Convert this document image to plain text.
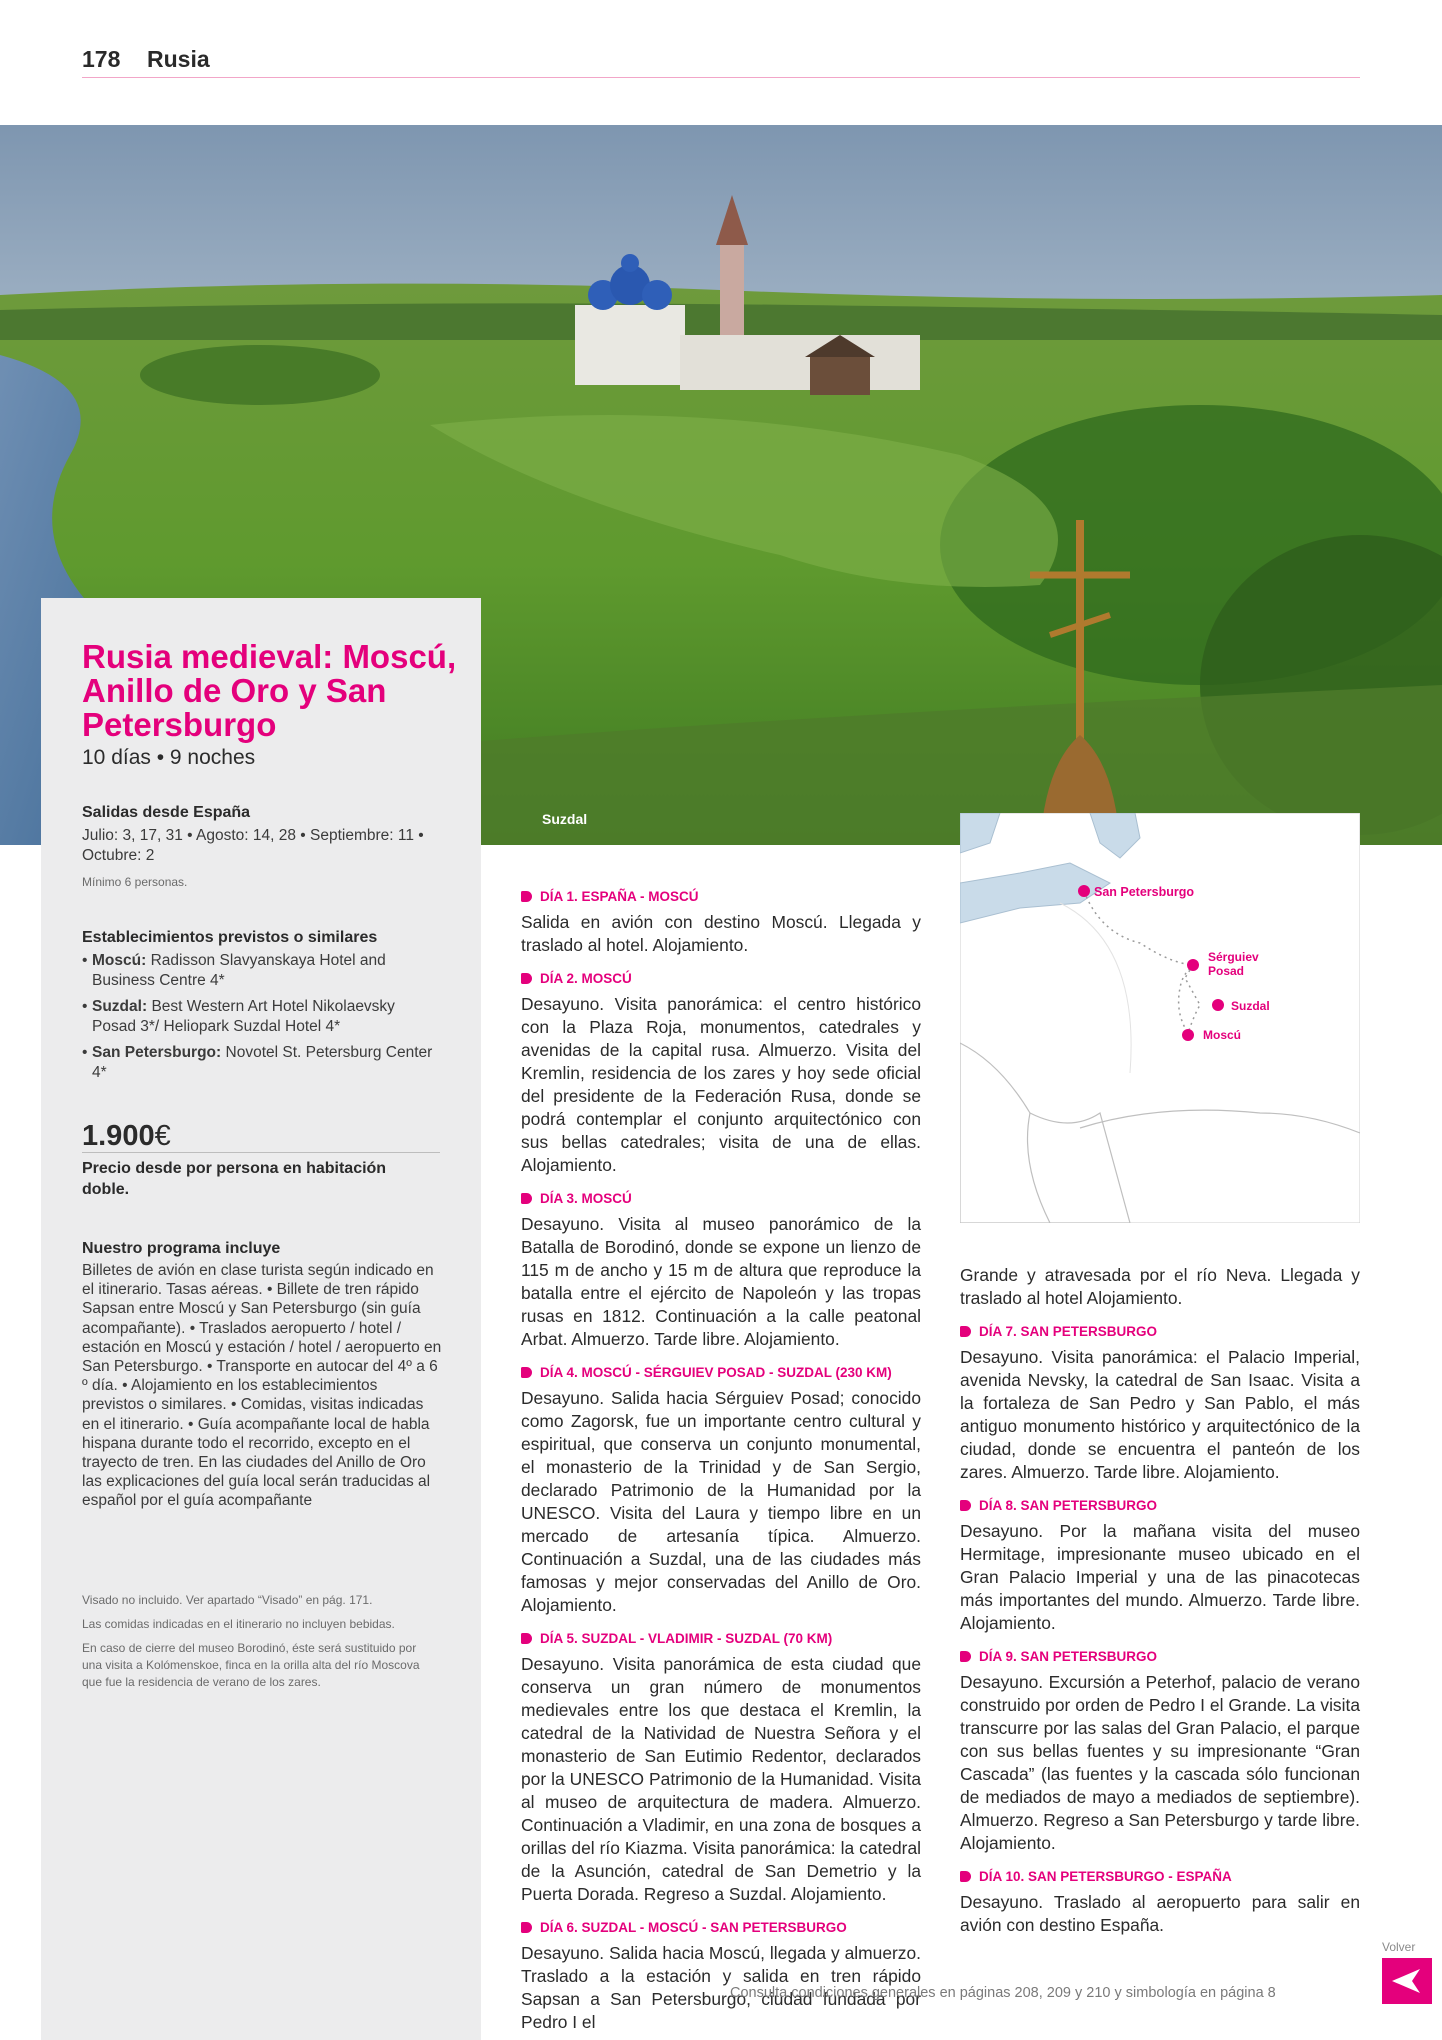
178 Rusia
Suzdal
Rusia medieval: Moscú, Anillo de Oro y San Petersburgo
10 días • 9 noches
Salidas desde España
Julio: 3, 17, 31 • Agosto: 14, 28 • Septiembre: 11 • Octubre: 2
Mínimo 6 personas.
Establecimientos previstos o similares
• Moscú: Radisson Slavyanskaya Hotel and Business Centre 4*
• Suzdal: Best Western Art Hotel Nikolaevsky Posad 3*/ Heliopark Suzdal Hotel 4*
• San Petersburgo: Novotel St. Petersburg Center 4*
1.900€
Precio desde por persona en habitación doble.
Nuestro programa incluye
Billetes de avión en clase turista según indicado en el itinerario. Tasas aéreas. • Billete de tren rápido Sapsan entre Moscú y San Petersburgo (sin guía acompañante). • Traslados aeropuerto / hotel / estación en Moscú y estación / hotel / aeropuerto en San Petersburgo. • Transporte en autocar del 4º a 6 º día. • Alojamiento en los establecimientos previstos o similares. • Comidas, visitas indicadas en el itinerario. • Guía acompañante local de habla hispana durante todo el recorrido, excepto en el trayecto de tren. En las ciudades del Anillo de Oro las explicaciones del guía local serán traducidas al español por el guía acompañante
Visado no incluido. Ver apartado “Visado” en pág. 171.
Las comidas indicadas en el itinerario no incluyen bebidas.
En caso de cierre del museo Borodinó, éste será sustituido por una visita a Kolómenskoe, finca en la orilla alta del río Moscova que fue la residencia de verano de los zares.
DÍA 1. ESPAÑA - MOSCÚ

Salida en avión con destino Moscú. Llegada y traslado al hotel. Alojamiento.

DÍA 2. MOSCÚ

Desayuno. Visita panorámica: el centro histórico con la Plaza Roja, monumentos, catedrales y avenidas de la capital rusa. Almuerzo. Visita del Kremlin, residencia de los zares y hoy sede oficial del presidente de la Federación Rusa, donde se podrá contemplar el conjunto arquitectónico con sus bellas catedrales; visita de una de ellas. Alojamiento.

DÍA 3. MOSCÚ

Desayuno. Visita al museo panorámico de la Batalla de Borodinó, donde se expone un lienzo de 115 m de ancho y 15 m de altura que reproduce la batalla entre el ejército de Napoleón y las tropas rusas en 1812. Continuación a la calle peatonal Arbat. Almuerzo. Tarde libre. Alojamiento.

DÍA 4. MOSCÚ - SÉRGUIEV POSAD - SUZDAL (230 KM)

Desayuno. Salida hacia Sérguiev Posad; conocido como Zagorsk, fue un importante centro cultural y espiritual, que conserva un conjunto monumental, el monasterio de la Trinidad y de San Sergio, declarado Patrimonio de la Humanidad por la UNESCO. Visita del Laura y tiempo libre en un mercado de artesanía típica. Almuerzo. Continuación a Suzdal, una de las ciudades más famosas y mejor conservadas del Anillo de Oro. Alojamiento.

DÍA 5. SUZDAL - VLADIMIR - SUZDAL (70 KM)

Desayuno. Visita panorámica de esta ciudad que conserva un gran número de monumentos medievales entre los que destaca el Kremlin, la catedral de la Natividad de Nuestra Señora y el monasterio de San Eutimio Redentor, declarados por la UNESCO Patrimonio de la Humanidad. Visita al museo de arquitectura de madera. Almuerzo. Continuación a Vladimir, en una zona de bosques a orillas del río Kiazma. Visita panorámica: la catedral de la Asunción, catedral de San Demetrio y la Puerta Dorada. Regreso a Suzdal. Alojamiento.

DÍA 6. SUZDAL - MOSCÚ - SAN PETERSBURGO

Desayuno. Salida hacia Moscú, llegada y almuerzo. Traslado a la estación y salida en tren rápido Sapsan a San Petersburgo, ciudad fundada por Pedro I el

San Petersburgo
Sérguiev
Posad
Suzdal
Moscú

Grande y atravesada por el río Neva. Llegada y traslado al hotel Alojamiento.

DÍA 7. SAN PETERSBURGO

Desayuno. Visita panorámica: el Palacio Imperial, avenida Nevsky, la catedral de San Isaac. Visita a la fortaleza de San Pedro y San Pablo, el más antiguo monumento histórico y arquitectónico de la ciudad, donde se encuentra el panteón de los zares. Almuerzo. Tarde libre. Alojamiento.

DÍA 8. SAN PETERSBURGO

Desayuno. Por la mañana visita del museo Hermitage, impresionante museo ubicado en el Gran Palacio Imperial y una de las pinacotecas más importantes del mundo. Almuerzo. Tarde libre. Alojamiento.

DÍA 9. SAN PETERSBURGO

Desayuno. Excursión a Peterhof, palacio de verano construido por orden de Pedro I el Grande. La visita transcurre por las salas del Gran Palacio, el parque con sus bellas fuentes y su impresionante “Gran Cascada” (las fuentes y la cascada sólo funcionan de mediados de mayo a mediados de septiembre). Almuerzo. Regreso a San Petersburgo y tarde libre. Alojamiento.

DÍA 10. SAN PETERSBURGO - ESPAÑA

Desayuno. Traslado al aeropuerto para salir en avión con destino España.

Consulta condiciones generales en páginas 208, 209 y 210 y simbología en página 8
Volver
